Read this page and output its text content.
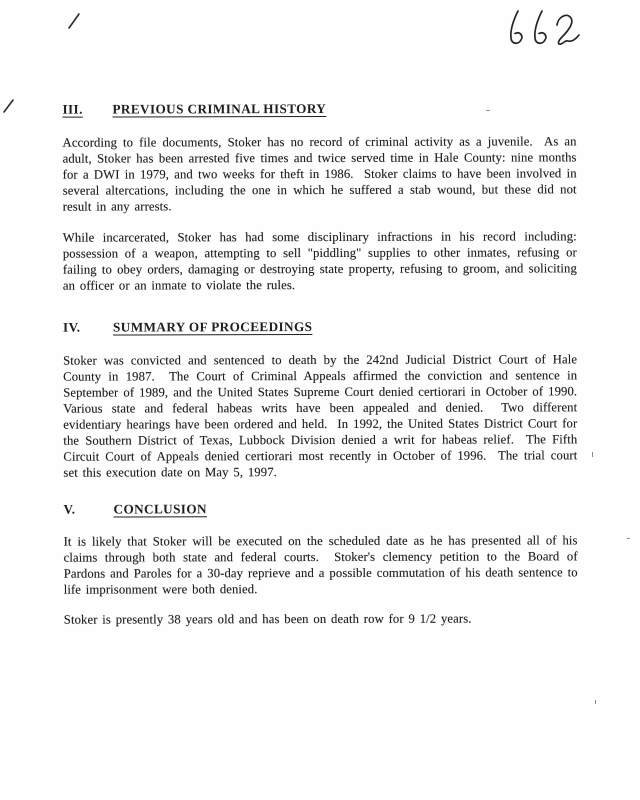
III. PREVIOUS CRIMINAL HISTORY

According to file documents, Stoker has no record of criminal activity as a juvenile.  As an adult, Stoker has been arrested five times and twice served time in Hale County: nine months for a DWI in 1979, and two weeks for theft in 1986.  Stoker claims to have been involved in several altercations, including the one in which he suffered a stab wound, but these did not result in any arrests.

While incarcerated, Stoker has had some disciplinary infractions in his record including: possession of a weapon, attempting to sell "piddling" supplies to other inmates, refusing or failing to obey orders, damaging or destroying state property, refusing to groom, and soliciting an officer or an inmate to violate the rules.

IV. SUMMARY OF PROCEEDINGS

Stoker was convicted and sentenced to death by the 242nd Judicial District Court of Hale County in 1987.  The Court of Criminal Appeals affirmed the conviction and sentence in September of 1989, and the United States Supreme Court denied certiorari in October of 1990.  Various state and federal habeas writs have been appealed and denied.  Two different evidentiary hearings have been ordered and held.  In 1992, the United States District Court for the Southern District of Texas, Lubbock Division denied a writ for habeas relief.  The Fifth Circuit Court of Appeals denied certiorari most recently in October of 1996.  The trial court set this execution date on May 5, 1997.

V.	CONCLUSION

It is likely that Stoker will be executed on the scheduled date as he has presented all of his claims through both state and federal courts.  Stoker's clemency petition to the Board of Pardons and Paroles for a 30-day reprieve and a possible commutation of his death sentence to life imprisonment were both denied.

Stoker is presently 38 years old and has been on death row for 9 1/2 years.
